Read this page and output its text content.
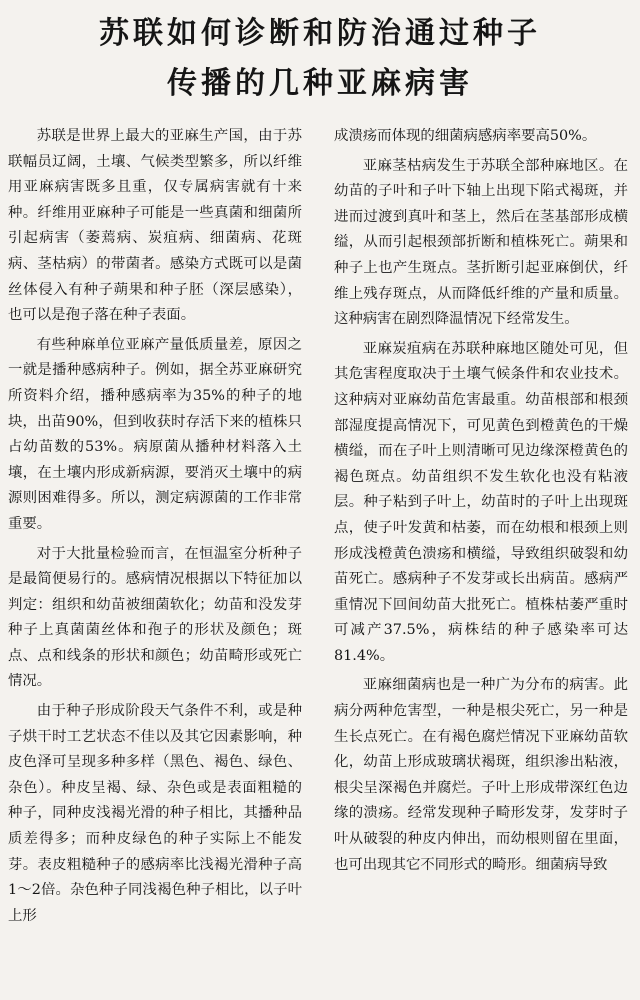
苏联如何诊断和防治通过种子
传播的几种亚麻病害

苏联是世界上最大的亚麻生产国，由于苏联幅员辽阔，土壤、气候类型繁多，所以纤维用亚麻病害既多且重，仅专属病害就有十来种。纤维用亚麻种子可能是一些真菌和细菌所引起病害（萎蔫病、炭疽病、细菌病、花斑病、茎枯病）的带菌者。感染方式既可以是菌丝体侵入有种子蒴果和种子胚（深层感染），也可以是孢子落在种子表面。

有些种麻单位亚麻产量低质量差，原因之一就是播种感病种子。例如，据全苏亚麻研究所资料介绍，播种感病率为35%的种子的地块，出苗90%，但到收获时存活下来的植株只占幼苗数的53%。病原菌从播种材料落入土壤，在土壤内形成新病源，要消灭土壤中的病源则困难得多。所以，测定病源菌的工作非常重要。

对于大批量检验而言，在恒温室分析种子是最简便易行的。感病情况根据以下特征加以判定：组织和幼苗被细菌软化；幼苗和没发芽种子上真菌菌丝体和孢子的形状及颜色；斑点、点和线条的形状和颜色；幼苗畸形或死亡情况。

由于种子形成阶段天气条件不利，或是种子烘干时工艺状态不佳以及其它因素影响，种皮色泽可呈现多种多样（黑色、褐色、绿色、杂色）。种皮呈褐、绿、杂色或是表面粗糙的种子，同种皮浅褐光滑的种子相比，其播种品质差得多；而种皮绿色的种子实际上不能发芽。表皮粗糙种子的感病率比浅褐光滑种子高1～2倍。杂色种子同浅褐色种子相比，以子叶上形

成溃疡而体现的细菌病感病率要高50%。

亚麻茎枯病发生于苏联全部种麻地区。在幼苗的子叶和子叶下轴上出现下陷式褐斑，并进而过渡到真叶和茎上，然后在茎基部形成横缢，从而引起根颈部折断和植株死亡。蒴果和种子上也产生斑点。茎折断引起亚麻倒伏，纤维上残存斑点，从而降低纤维的产量和质量。这种病害在剧烈降温情况下经常发生。

亚麻炭疽病在苏联种麻地区随处可见，但其危害程度取决于土壤气候条件和农业技术。这种病对亚麻幼苗危害最重。幼苗根部和根颈部湿度提高情况下，可见黄色到橙黄色的干燥横缢，而在子叶上则清晰可见边缘深橙黄色的褐色斑点。幼苗组织不发生软化也没有粘液层。种子粘到子叶上，幼苗时的子叶上出现斑点，使子叶发黄和枯萎，而在幼根和根颈上则形成浅橙黄色溃疡和横缢，导致组织破裂和幼苗死亡。感病种子不发芽或长出病苗。感病严重情况下回间幼苗大批死亡。植株枯萎严重时可减产37.5%，病株结的种子感染率可达81.4%。

亚麻细菌病也是一种广为分布的病害。此病分两种危害型，一种是根尖死亡，另一种是生长点死亡。在有褐色腐烂情况下亚麻幼苗软化，幼苗上形成玻璃状褐斑，组织渗出粘液，根尖呈深褐色并腐烂。子叶上形成带深红色边缘的溃疡。经常发现种子畸形发芽，发芽时子叶从破裂的种皮内伸出，而幼根则留在里面，也可出现其它不同形式的畸形。细菌病导致
